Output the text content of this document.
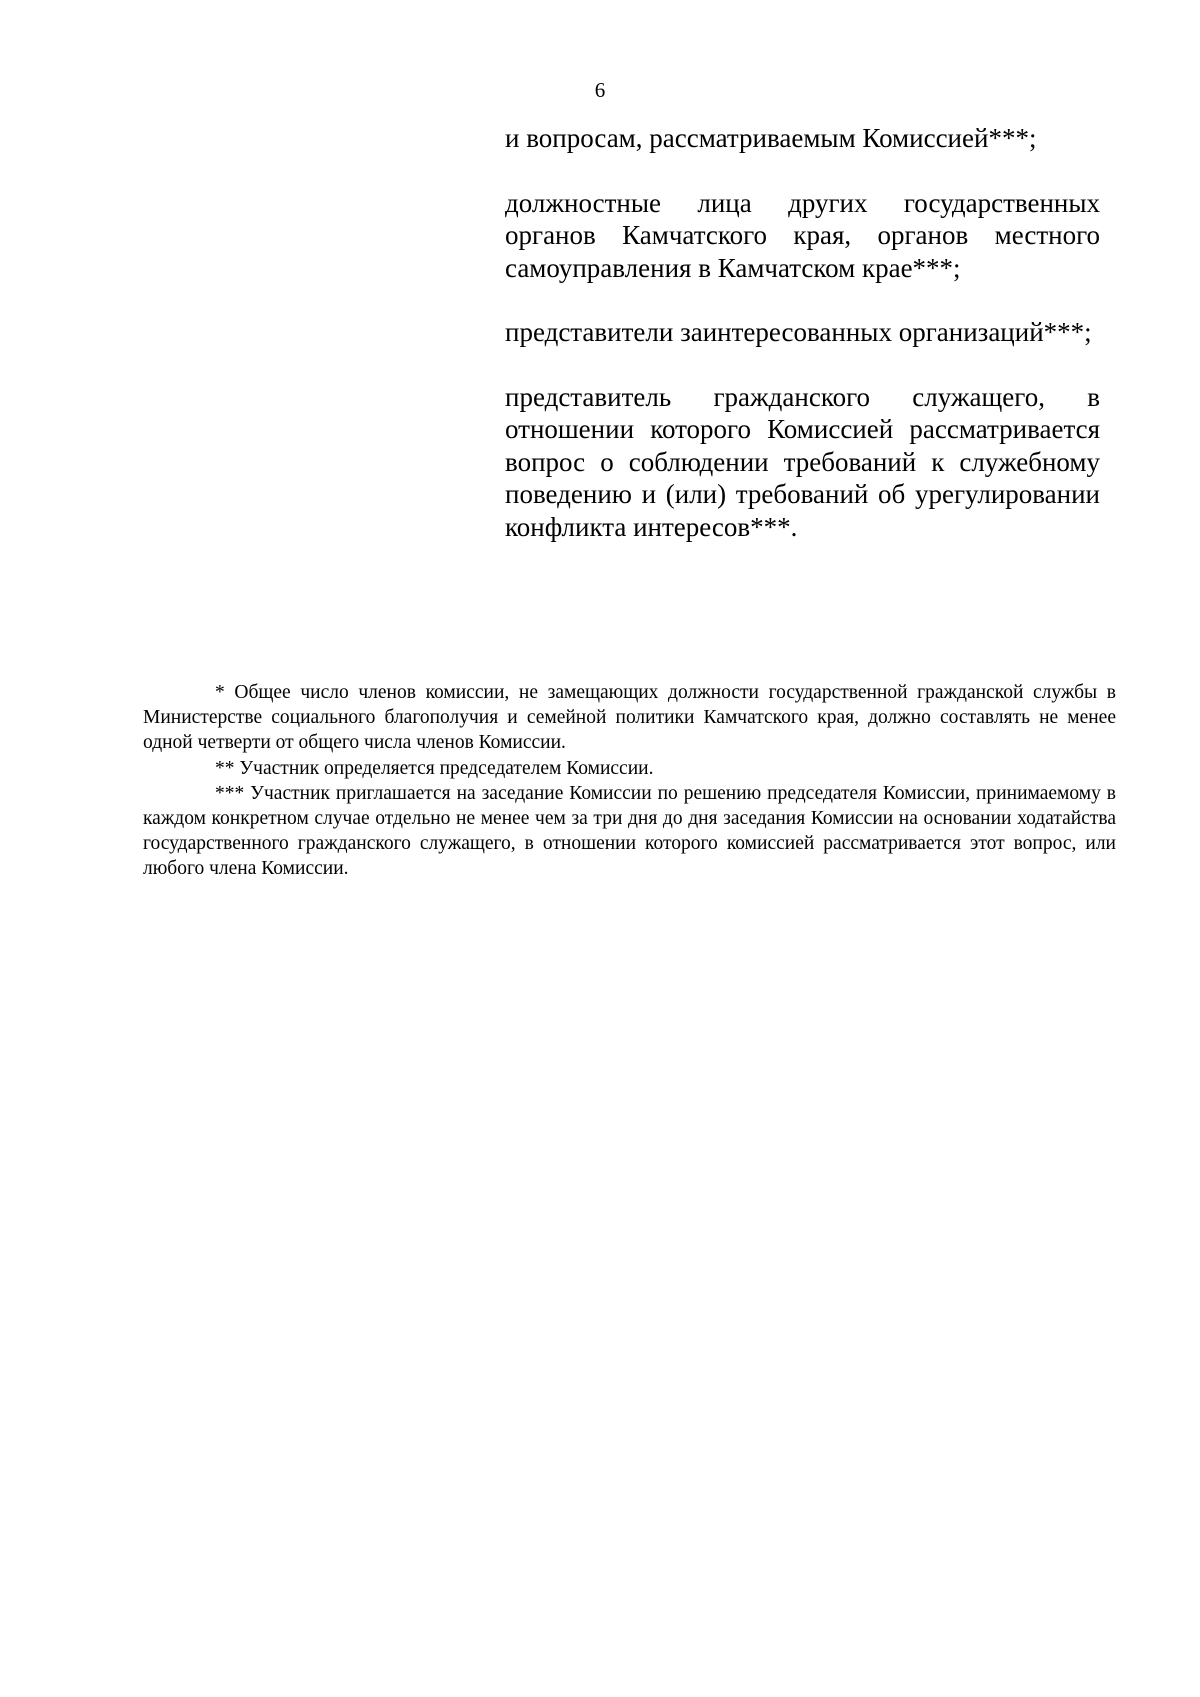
6

и вопросам, рассматриваемым Комиссией***;

должностные лица других государственных органов Камчатского края, органов местного самоуправления в Камчатском крае***;

представители заинтересованных организаций***;

представитель гражданского служащего, в отношении которого Комиссией рассматривается вопрос о соблюдении требований к служебному поведению и (или) требований об урегулировании конфликта интересов***.

* Общее число членов комиссии, не замещающих должности государственной гражданской службы в Министерстве социального благополучия и семейной политики Камчатского края, должно составлять не менее одной четверти от общего числа членов Комиссии.

** Участник определяется председателем Комиссии.

*** Участник приглашается на заседание Комиссии по решению председателя Комиссии, принимаемому в каждом конкретном случае отдельно не менее чем за три дня до дня заседания Комиссии на основании ходатайства государственного гражданского служащего, в отношении которого комиссией рассматривается этот вопрос, или любого члена Комиссии.
